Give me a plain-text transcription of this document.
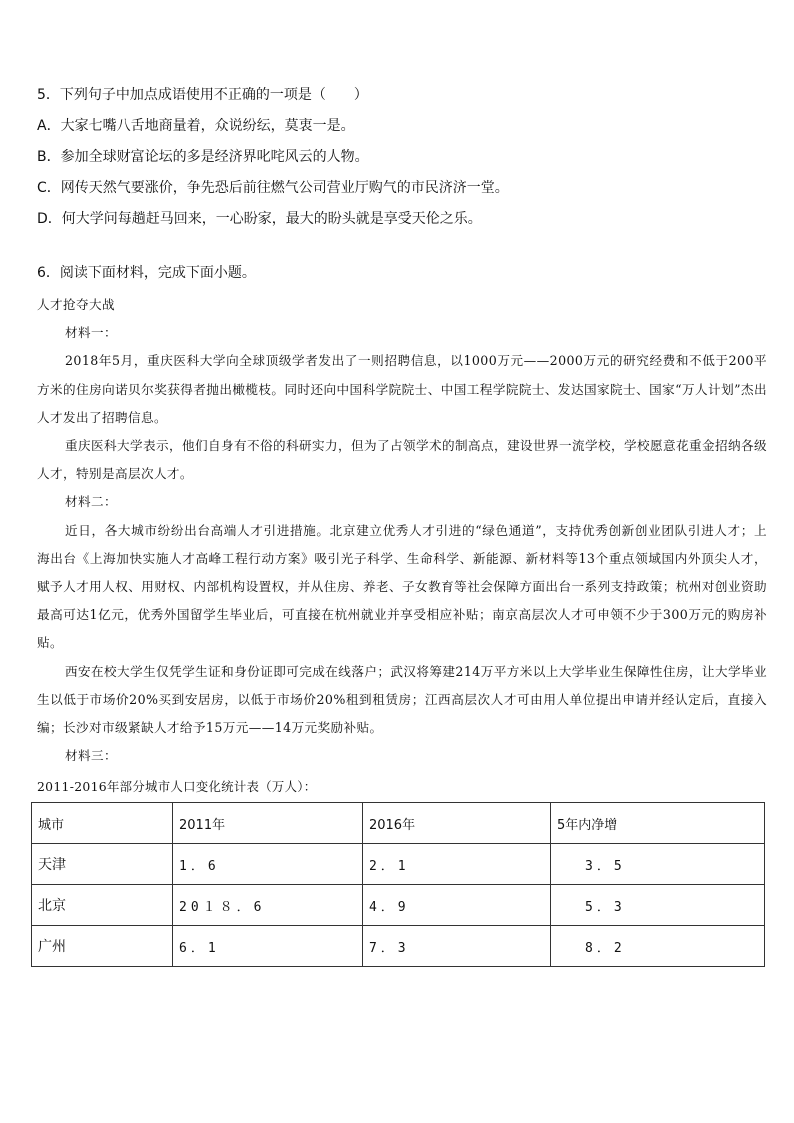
5．下列句子中加点成语使用不正确的一项是（　　）
A．大家七嘴八舌地商量着，众说纷纭，莫衷一是。
B．参加全球财富论坛的多是经济界叱咤风云的人物。
C．网传天然气要涨价，争先恐后前往燃气公司营业厅购气的市民济济一堂。
D．何大学问每趟赶马回来，一心盼家，最大的盼头就是享受天伦之乐。
6．阅读下面材料，完成下面小题。
人才抢夺大战
材料一：

2018年5月，重庆医科大学向全球顶级学者发出了一则招聘信息，以1000万元——2000万元的研究经费和不低于200平方米的住房向诺贝尔奖获得者抛出橄榄枝。同时还向中国科学院院士、中国工程学院院士、发达国家院士、国家“万人计划”杰出人才发出了招聘信息。

重庆医科大学表示，他们自身有不俗的科研实力，但为了占领学术的制高点，建设世界一流学校，学校愿意花重金招纳各级人才，特别是高层次人才。

材料二：

近日，各大城市纷纷出台高端人才引进措施。北京建立优秀人才引进的“绿色通道”，支持优秀创新创业团队引进人才；上海出台《上海加快实施人才高峰工程行动方案》吸引光子科学、生命科学、新能源、新材料等13个重点领域国内外顶尖人才，赋予人才用人权、用财权、内部机构设置权，并从住房、养老、子女教育等社会保障方面出台一系列支持政策；杭州对创业资助最高可达1亿元，优秀外国留学生毕业后，可直接在杭州就业并享受相应补贴；南京高层次人才可申领不少于300万元的购房补贴。

西安在校大学生仅凭学生证和身份证即可完成在线落户；武汉将筹建214万平方米以上大学毕业生保障性住房，让大学毕业生以低于市场价20%买到安居房，以低于市场价20%租到租赁房；江西高层次人才可由用人单位提出申请并经认定后，直接入编；长沙对市级紧缺人才给予15万元——14万元奖励补贴。

材料三：
2011-2016年部分城市人口变化统计表（万人）：
城市	2011年	2016年	5年内净增
天津	1．6	2．1	3．5
北京	20１８．6	4．9	5．3
广州	6．1	7．3	8．2
